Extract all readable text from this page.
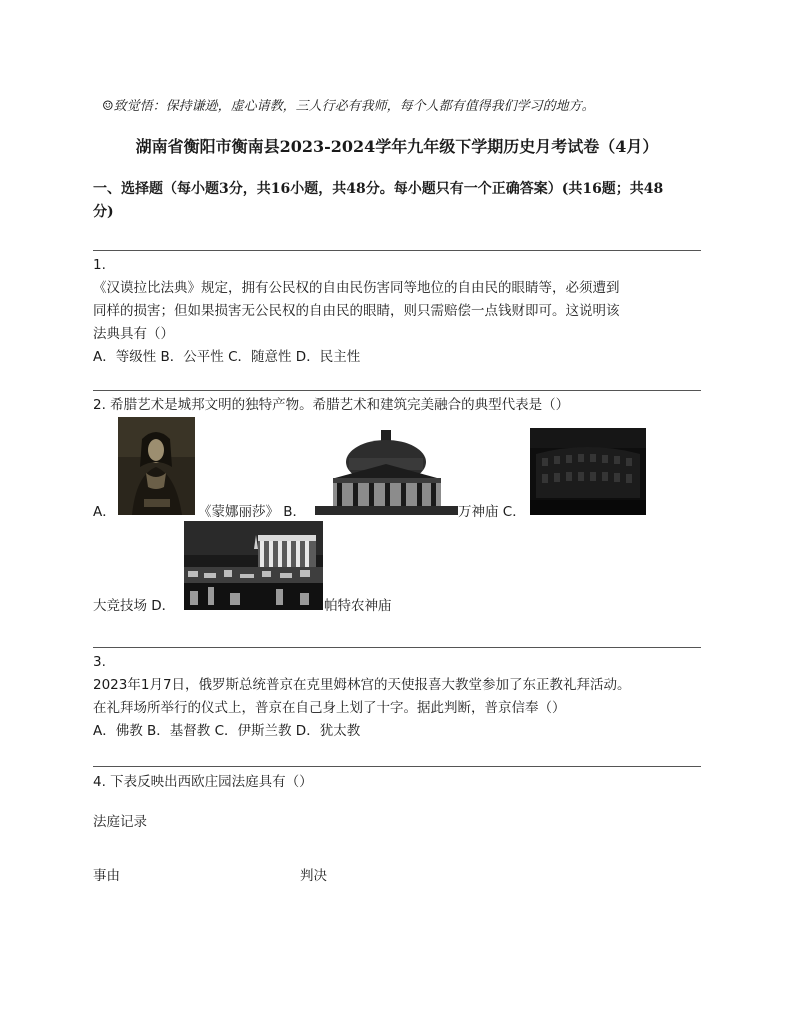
☺致觉悟：保持谦逊，虚心请教，三人行必有我师，每个人都有值得我们学习的地方。
湖南省衡阳市衡南县2023-2024学年九年级下学期历史月考试卷（4月）
一、选择题（每小题3分，共16小题，共48分。每小题只有一个正确答案）(共16题；共48
分)
1.
《汉谟拉比法典》规定，拥有公民权的自由民伤害同等地位的自由民的眼睛等，必须遭到
同样的损害；但如果损害无公民权的自由民的眼睛，则只需赔偿一点钱财即可。这说明该
法典具有（）
A．等级性 B．公平性 C．随意性 D．民主性
2. 希腊艺术是城邦文明的独特产物。希腊艺术和建筑完美融合的典型代表是（）
A．	《蒙娜丽莎》 B．	万神庙 C．
大竞技场 D．	帕特农神庙
3.
2023年1月7日，俄罗斯总统普京在克里姆林宫的天使报喜大教堂参加了东正教礼拜活动。
在礼拜场所举行的仪式上，普京在自己身上划了十字。据此判断，普京信奉（）
A．佛教 B．基督教 C．伊斯兰教 D．犹太教
4. 下表反映出西欧庄园法庭具有（）
法庭记录
事由	判决
